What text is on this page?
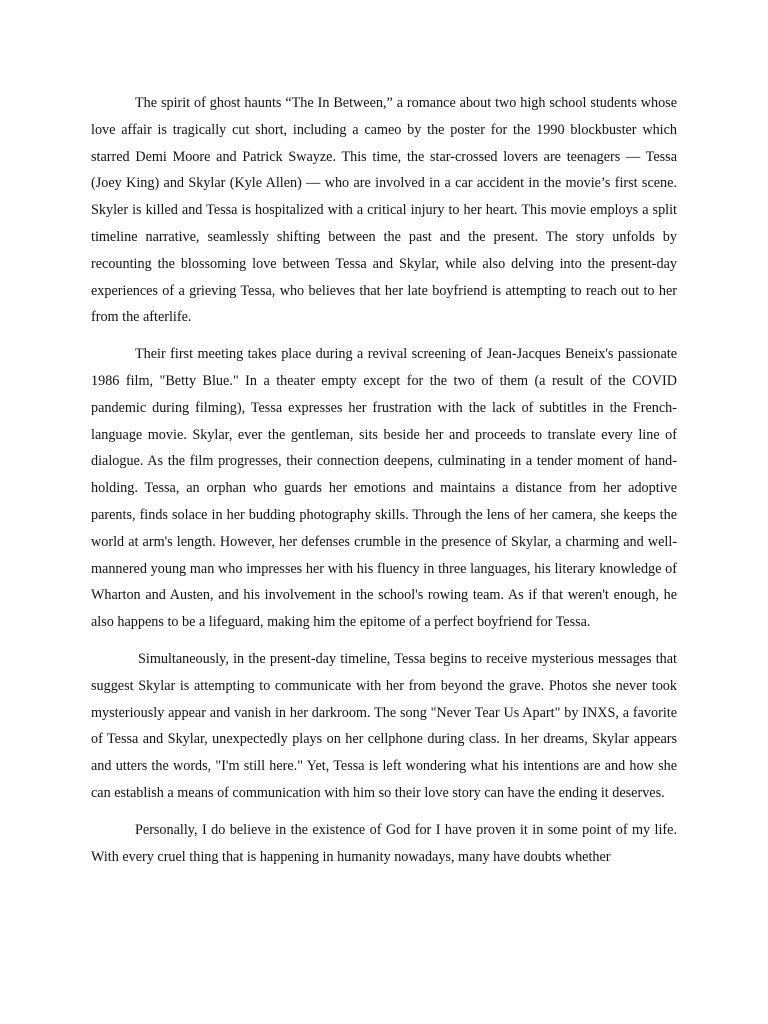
The spirit of ghost haunts “The In Between,” a romance about two high school students whose love affair is tragically cut short, including a cameo by the poster for the 1990 blockbuster which starred Demi Moore and Patrick Swayze. This time, the star-crossed lovers are teenagers — Tessa (Joey King) and Skylar (Kyle Allen) — who are involved in a car accident in the movie’s first scene. Skyler is killed and Tessa is hospitalized with a critical injury to her heart. This movie employs a split timeline narrative, seamlessly shifting between the past and the present. The story unfolds by recounting the blossoming love between Tessa and Skylar, while also delving into the present-day experiences of a grieving Tessa, who believes that her late boyfriend is attempting to reach out to her from the afterlife.

Their first meeting takes place during a revival screening of Jean-Jacques Beneix's passionate 1986 film, "Betty Blue." In a theater empty except for the two of them (a result of the COVID pandemic during filming), Tessa expresses her frustration with the lack of subtitles in the French-language movie. Skylar, ever the gentleman, sits beside her and proceeds to translate every line of dialogue. As the film progresses, their connection deepens, culminating in a tender moment of hand-holding. Tessa, an orphan who guards her emotions and maintains a distance from her adoptive parents, finds solace in her budding photography skills. Through the lens of her camera, she keeps the world at arm's length. However, her defenses crumble in the presence of Skylar, a charming and well-mannered young man who impresses her with his fluency in three languages, his literary knowledge of Wharton and Austen, and his involvement in the school's rowing team. As if that weren't enough, he also happens to be a lifeguard, making him the epitome of a perfect boyfriend for Tessa.

Simultaneously, in the present-day timeline, Tessa begins to receive mysterious messages that suggest Skylar is attempting to communicate with her from beyond the grave. Photos she never took mysteriously appear and vanish in her darkroom. The song "Never Tear Us Apart" by INXS, a favorite of Tessa and Skylar, unexpectedly plays on her cellphone during class. In her dreams, Skylar appears and utters the words, "I'm still here." Yet, Tessa is left wondering what his intentions are and how she can establish a means of communication with him so their love story can have the ending it deserves.

Personally, I do believe in the existence of God for I have proven it in some point of my life. With every cruel thing that is happening in humanity nowadays, many have doubts whether
